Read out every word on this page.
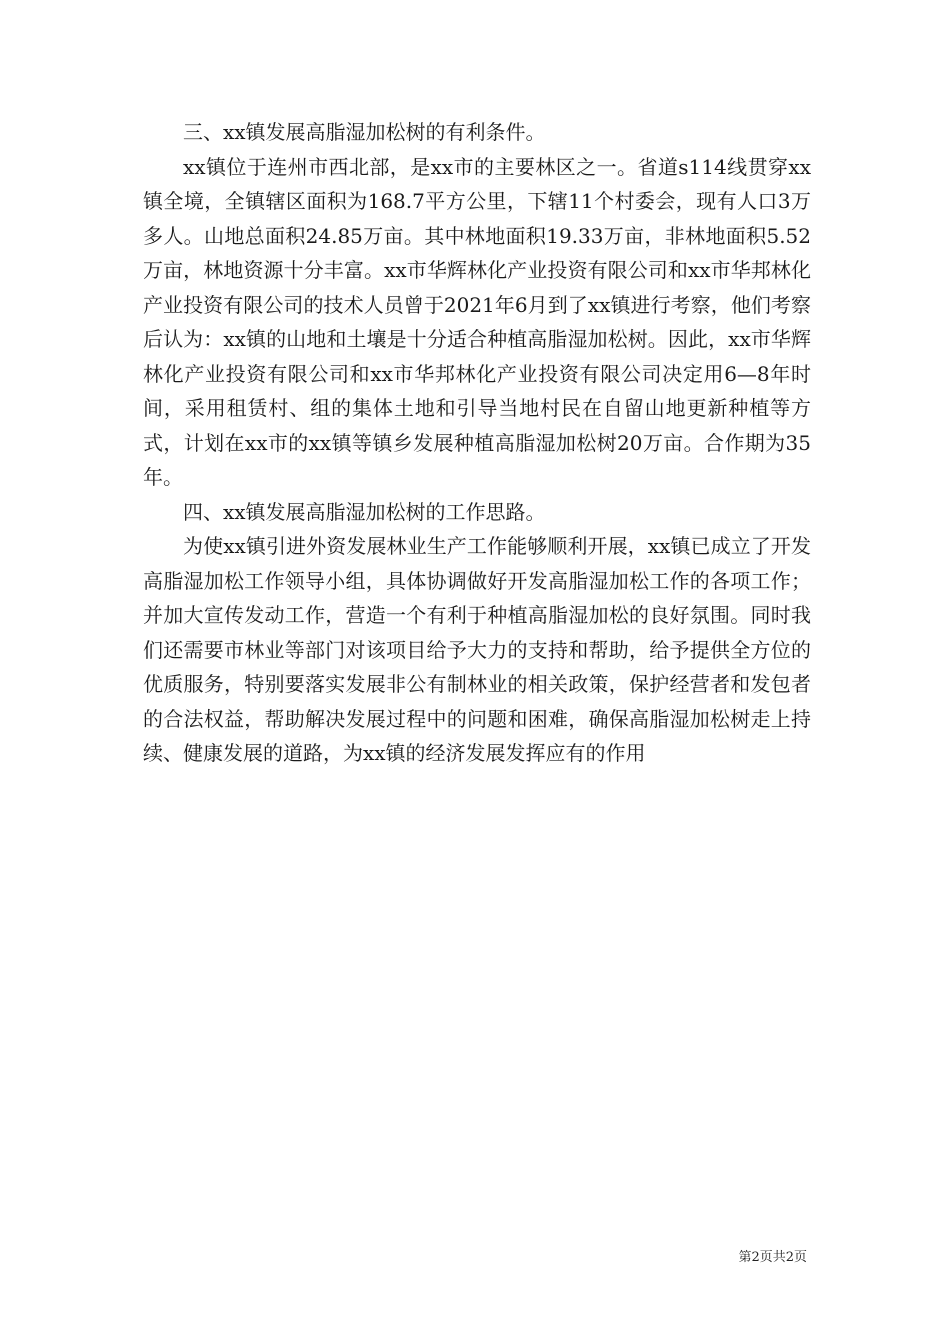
三、xx镇发展高脂湿加松树的有利条件。

xx镇位于连州市西北部，是xx市的主要林区之一。省道s114线贯穿xx镇全境，全镇辖区面积为168.7平方公里，下辖11个村委会，现有人口3万多人。山地总面积24.85万亩。其中林地面积19.33万亩，非林地面积5.52万亩，林地资源十分丰富。xx市华辉林化产业投资有限公司和xx市华邦林化产业投资有限公司的技术人员曾于2021年6月到了xx镇进行考察，他们考察后认为：xx镇的山地和土壤是十分适合种植高脂湿加松树。因此，xx市华辉林化产业投资有限公司和xx市华邦林化产业投资有限公司决定用6—8年时间，采用租赁村、组的集体土地和引导当地村民在自留山地更新种植等方式，计划在xx市的xx镇等镇乡发展种植高脂湿加松树20万亩。合作期为35年。

四、xx镇发展高脂湿加松树的工作思路。

为使xx镇引进外资发展林业生产工作能够顺利开展，xx镇已成立了开发高脂湿加松工作领导小组，具体协调做好开发高脂湿加松工作的各项工作；并加大宣传发动工作，营造一个有利于种植高脂湿加松的良好氛围。同时我们还需要市林业等部门对该项目给予大力的支持和帮助，给予提供全方位的优质服务，特别要落实发展非公有制林业的相关政策，保护经营者和发包者的合法权益，帮助解决发展过程中的问题和困难，确保高脂湿加松树走上持续、健康发展的道路，为xx镇的经济发展发挥应有的作用

第2页共2页
